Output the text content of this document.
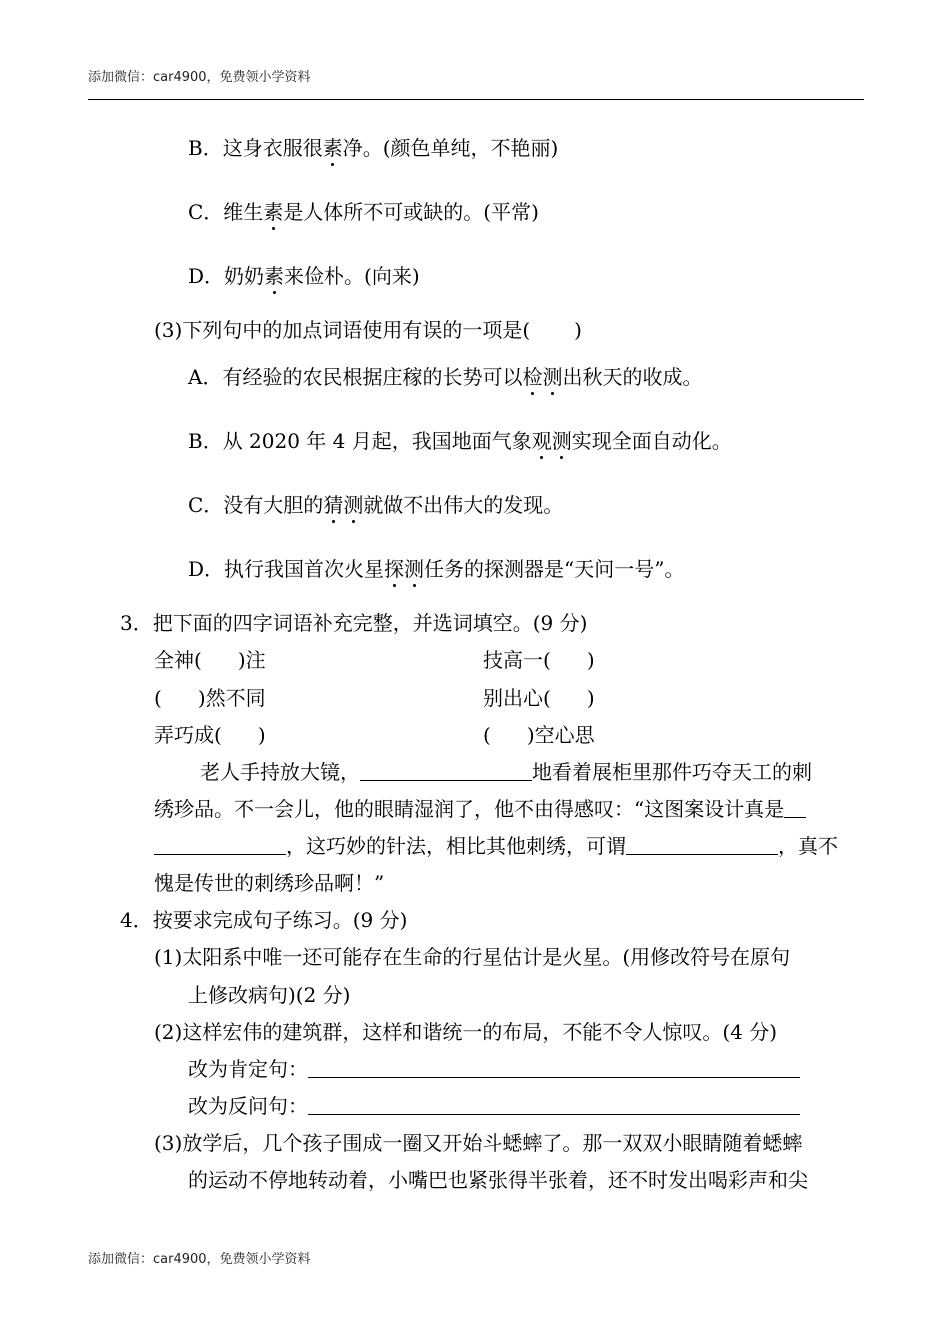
添加微信：car4900，免费领小学资料
B．这身衣服很素净。(颜色单纯，不艳丽)
C．维生素是人体所不可或缺的。(平常)
D．奶奶素来俭朴。(向来)
(3)下列句中的加点词语使用有误的一项是( )
A．有经验的农民根据庄稼的长势可以检测出秋天的收成。
B．从 2020 年 4 月起，我国地面气象观测实现全面自动化。
C．没有大胆的猜测就做不出伟大的发现。
D．执行我国首次火星探测任务的探测器是“天问一号”。
3．把下面的四字词语补充完整，并选词填空。(9 分)
全神( )注	技高一( )
( )然不同	别出心( )
弄巧成( )	( )空心思
老人手持放大镜，	地看着展柜里那件巧夺天工的刺
绣珍品。不一会儿，他的眼睛湿润了，他不由得感叹：“这图案设计真是
，这巧妙的针法，相比其他刺绣，可谓	，真不
愧是传世的刺绣珍品啊！”
4．按要求完成句子练习。(9 分)
(1)太阳系中唯一还可能存在生命的行星估计是火星。(用修改符号在原句
上修改病句)(2 分)
(2)这样宏伟的建筑群，这样和谐统一的布局，不能不令人惊叹。(4 分)
改为肯定句：
改为反问句：
(3)放学后，几个孩子围成一圈又开始斗蟋蟀了。那一双双小眼睛随着蟋蟀
的运动不停地转动着，小嘴巴也紧张得半张着，还不时发出喝彩声和尖
添加微信：car4900，免费领小学资料
